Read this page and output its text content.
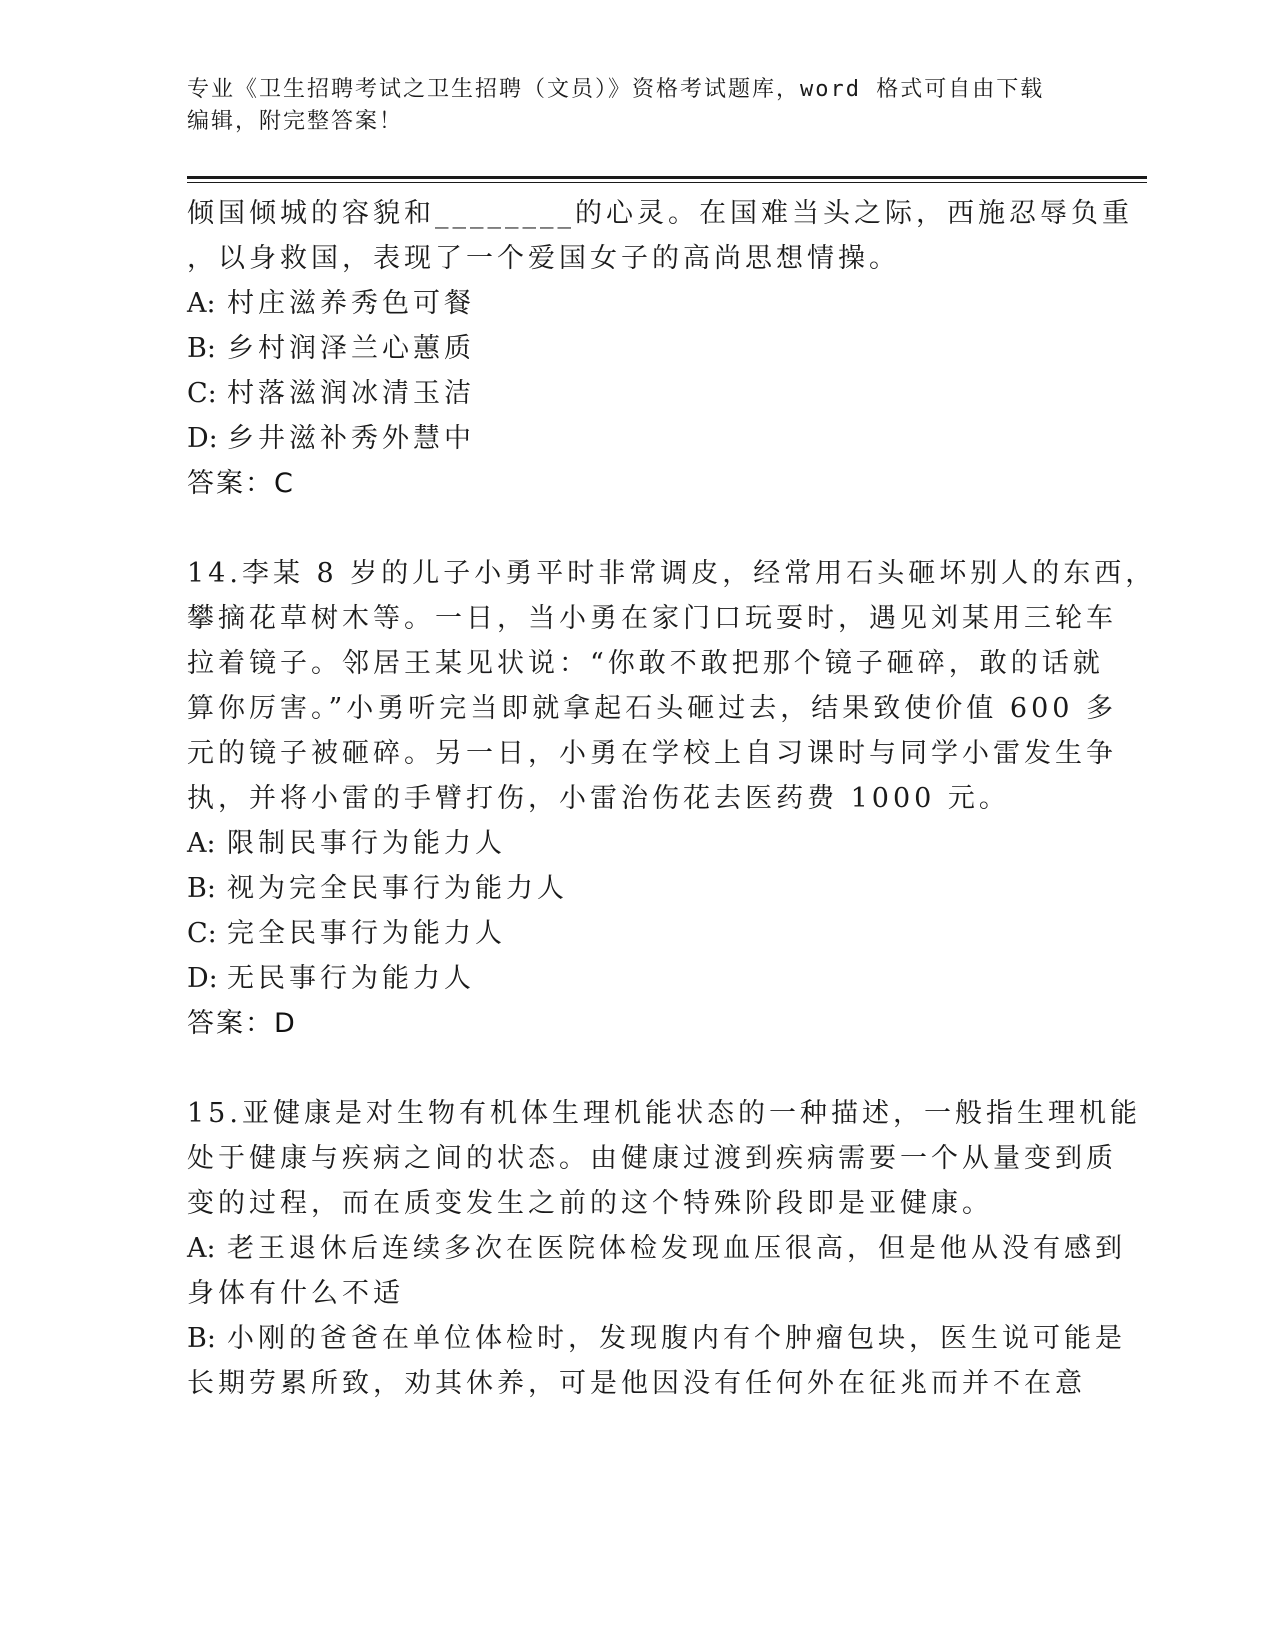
专业《卫生招聘考试之卫生招聘（文员）》资格考试题库，word 格式可自由下载
编辑，附完整答案！
倾国倾城的容貌和________的心灵。在国难当头之际，西施忍辱负重
，以身救国，表现了一个爱国女子的高尚思想情操。
A: 村庄滋养秀色可餐
B: 乡村润泽兰心蕙质
C: 村落滋润冰清玉洁
D: 乡井滋补秀外慧中
答案：C
14.李某 8 岁的儿子小勇平时非常调皮，经常用石头砸坏别人的东西，
攀摘花草树木等。一日，当小勇在家门口玩耍时，遇见刘某用三轮车
拉着镜子。邻居王某见状说：“你敢不敢把那个镜子砸碎，敢的话就
算你厉害。”小勇听完当即就拿起石头砸过去，结果致使价值 600 多
元的镜子被砸碎。另一日，小勇在学校上自习课时与同学小雷发生争
执，并将小雷的手臂打伤，小雷治伤花去医药费 1000 元。
A: 限制民事行为能力人
B: 视为完全民事行为能力人
C: 完全民事行为能力人
D: 无民事行为能力人
答案：D
15.亚健康是对生物有机体生理机能状态的一种描述，一般指生理机能
处于健康与疾病之间的状态。由健康过渡到疾病需要一个从量变到质
变的过程，而在质变发生之前的这个特殊阶段即是亚健康。
A: 老王退休后连续多次在医院体检发现血压很高，但是他从没有感到
身体有什么不适
B: 小刚的爸爸在单位体检时，发现腹内有个肿瘤包块，医生说可能是
长期劳累所致，劝其休养，可是他因没有任何外在征兆而并不在意
